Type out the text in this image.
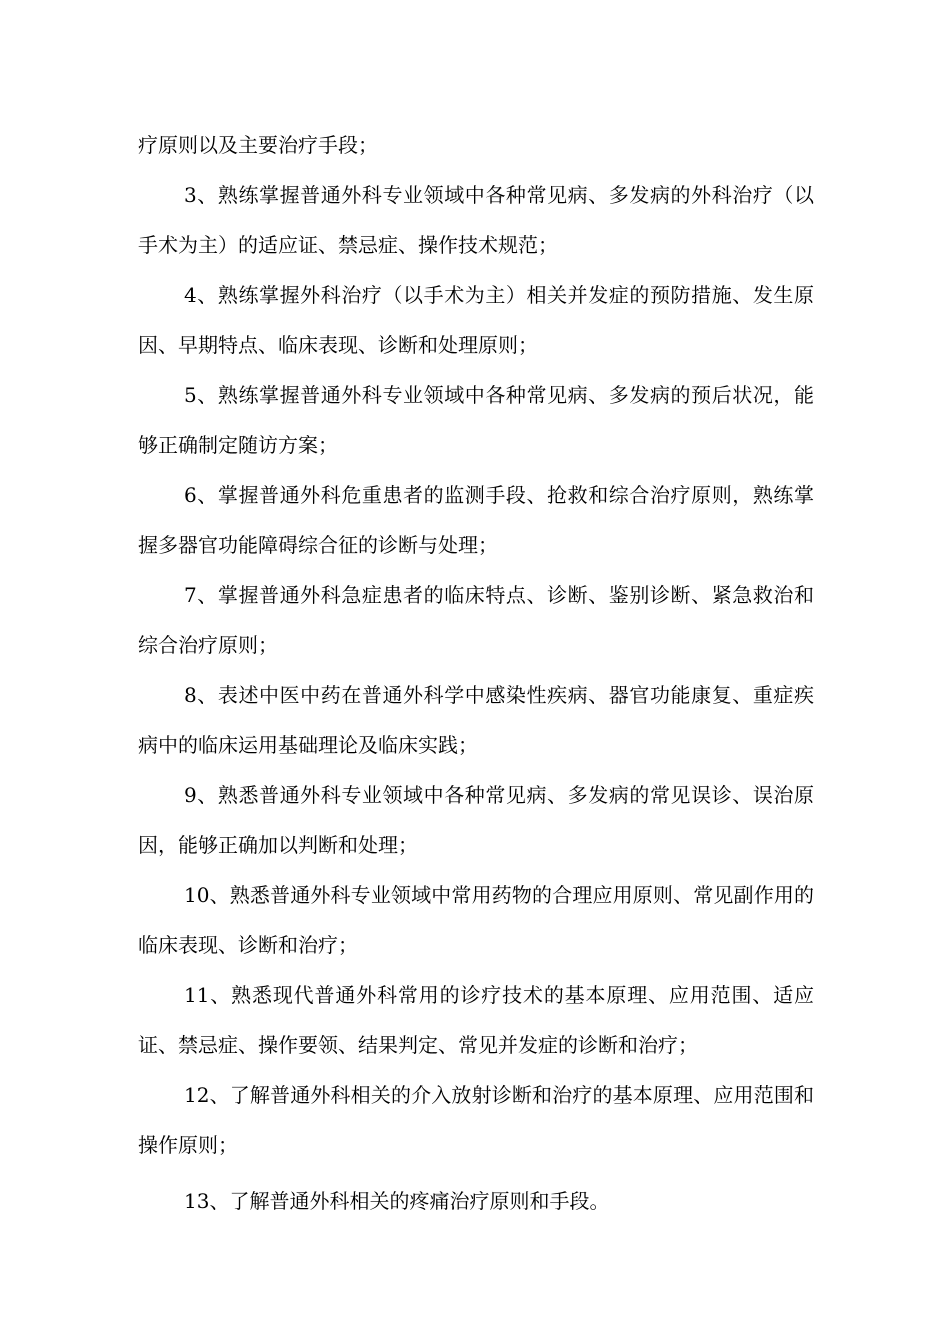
疗原则以及主要治疗手段；

3、熟练掌握普通外科专业领域中各种常见病、多发病的外科治疗（以手术为主）的适应证、禁忌症、操作技术规范；

4、熟练掌握外科治疗（以手术为主）相关并发症的预防措施、发生原因、早期特点、临床表现、诊断和处理原则；

5、熟练掌握普通外科专业领域中各种常见病、多发病的预后状况，能够正确制定随访方案；

6、掌握普通外科危重患者的监测手段、抢救和综合治疗原则，熟练掌握多器官功能障碍综合征的诊断与处理；

7、掌握普通外科急症患者的临床特点、诊断、鉴别诊断、紧急救治和综合治疗原则；

8、表述中医中药在普通外科学中感染性疾病、器官功能康复、重症疾病中的临床运用基础理论及临床实践；

9、熟悉普通外科专业领域中各种常见病、多发病的常见误诊、误治原因，能够正确加以判断和处理；

10、熟悉普通外科专业领域中常用药物的合理应用原则、常见副作用的临床表现、诊断和治疗；

11、熟悉现代普通外科常用的诊疗技术的基本原理、应用范围、适应证、禁忌症、操作要领、结果判定、常见并发症的诊断和治疗；

12、了解普通外科相关的介入放射诊断和治疗的基本原理、应用范围和操作原则；

13、了解普通外科相关的疼痛治疗原则和手段。
